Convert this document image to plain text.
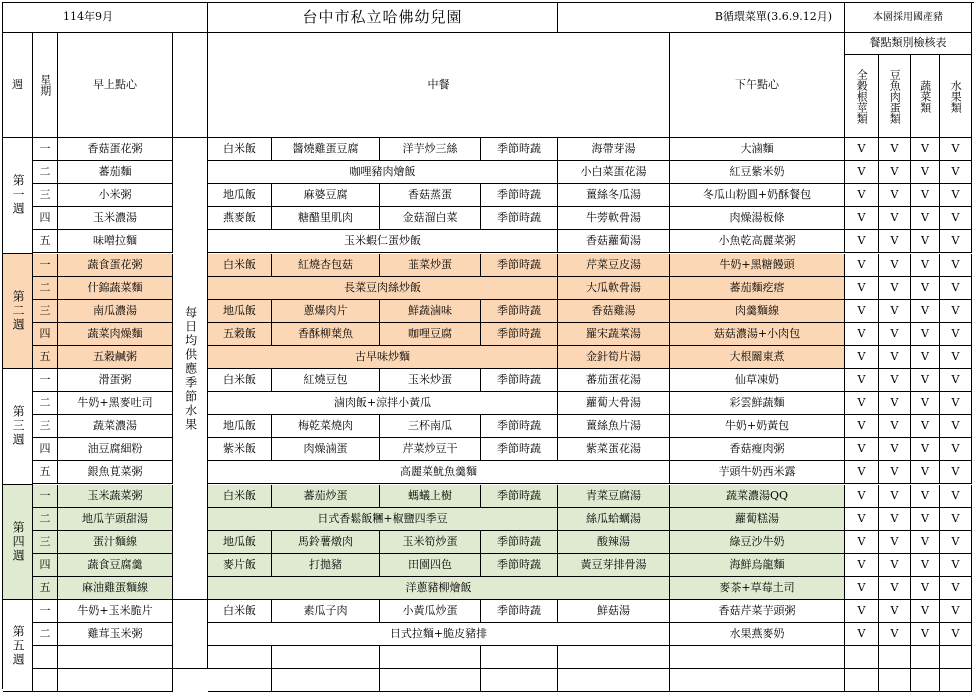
114年9月	台中市私立哈佛幼兒園	B循環菜單(3.6.9.12月)	本園採用國產豬
週	星期	早上點心	中餐	下午點心
餐點類別檢核表
全穀根莖類	豆魚肉蛋類	蔬菜類	水果類
每日均供應季節水果
第一週
一	香菇蛋花粥	白米飯	醬燒雞蛋豆腐	洋芋炒三絲	季節時蔬	海帶芽湯	大滷麵	V	V	V	V
二	蕃茄麵	咖哩豬肉燴飯	小白菜蛋花湯	紅豆紫米奶	V	V	V	V
三	小米粥	地瓜飯	麻婆豆腐	香菇蒸蛋	季節時蔬	薑絲冬瓜湯	冬瓜山粉圓+奶酥餐包	V	V	V	V
四	玉米濃湯	燕麥飯	糖醋里肌肉	金菇溜白菜	季節時蔬	牛蒡軟骨湯	肉燥湯板條	V	V	V	V
五	味噌拉麵	玉米蝦仁蛋炒飯	香菇蘿蔔湯	小魚乾高麗菜粥	V	V	V	V
第二週
一	蔬食蛋花粥	白米飯	紅燒杏包菇	韮菜炒蛋	季節時蔬	芹菜豆皮湯	牛奶+黑糖饅頭	V	V	V	V
二	什錦蔬菜麵	長菜豆肉絲炒飯	大瓜軟骨湯	蕃茄麵疙瘩	V	V	V	V
三	南瓜濃湯	地瓜飯	蔥爆肉片	鮮蔬滷味	季節時蔬	香菇雞湯	肉羹麵線	V	V	V	V
四	蔬菜肉燥麵	五穀飯	香酥柳葉魚	咖哩豆腐	季節時蔬	羅宋蔬菜湯	菇菇濃湯+小肉包	V	V	V	V
五	五穀鹹粥	古早味炒麵	金針筍片湯	大根關東煮	V	V	V	V
第三週
一	滑蛋粥	白米飯	紅燒豆包	玉米炒蛋	季節時蔬	蕃茄蛋花湯	仙草凍奶	V	V	V	V
二	牛奶+黑麥吐司	滷肉飯+涼拌小黃瓜	蘿蔔大骨湯	彩雲鮮蔬麵	V	V	V	V
三	蔬菜濃湯	地瓜飯	梅乾菜燒肉	三杯南瓜	季節時蔬	薑絲魚片湯	牛奶+奶黃包	V	V	V	V
四	油豆腐細粉	紫米飯	肉燥滷蛋	芹菜炒豆干	季節時蔬	紫菜蛋花湯	香菇瘦肉粥	V	V	V	V
五	銀魚莧菜粥	高麗菜魷魚羹麵	芋頭牛奶西米露	V	V	V	V
第四週
一	玉米蔬菜粥	白米飯	蕃茄炒蛋	螞蟻上樹	季節時蔬	青菜豆腐湯	蔬菜濃湯QQ	V	V	V	V
二	地瓜芋頭甜湯	日式香鬆飯糰+椒鹽四季豆	絲瓜蛤蠣湯	蘿蔔糕湯	V	V	V	V
三	蛋汁麵線	地瓜飯	馬鈴薯燉肉	玉米筍炒蛋	季節時蔬	酸辣湯	綠豆沙牛奶	V	V	V	V
四	蔬食豆腐羹	麥片飯	打拋豬	田園四色	季節時蔬	黃豆芽排骨湯	海鮮烏龍麵	V	V	V	V
五	麻油雞蛋麵線	洋蔥豬柳燴飯	麥茶+草莓土司	V	V	V	V
第五週
一	牛奶+玉米脆片	白米飯	素瓜子肉	小黃瓜炒蛋	季節時蔬	鮮菇湯	香菇芹菜芋頭粥	V	V	V	V
二	雞茸玉米粥	日式拉麵+脆皮豬排	水果燕麥奶	V	V	V	V
